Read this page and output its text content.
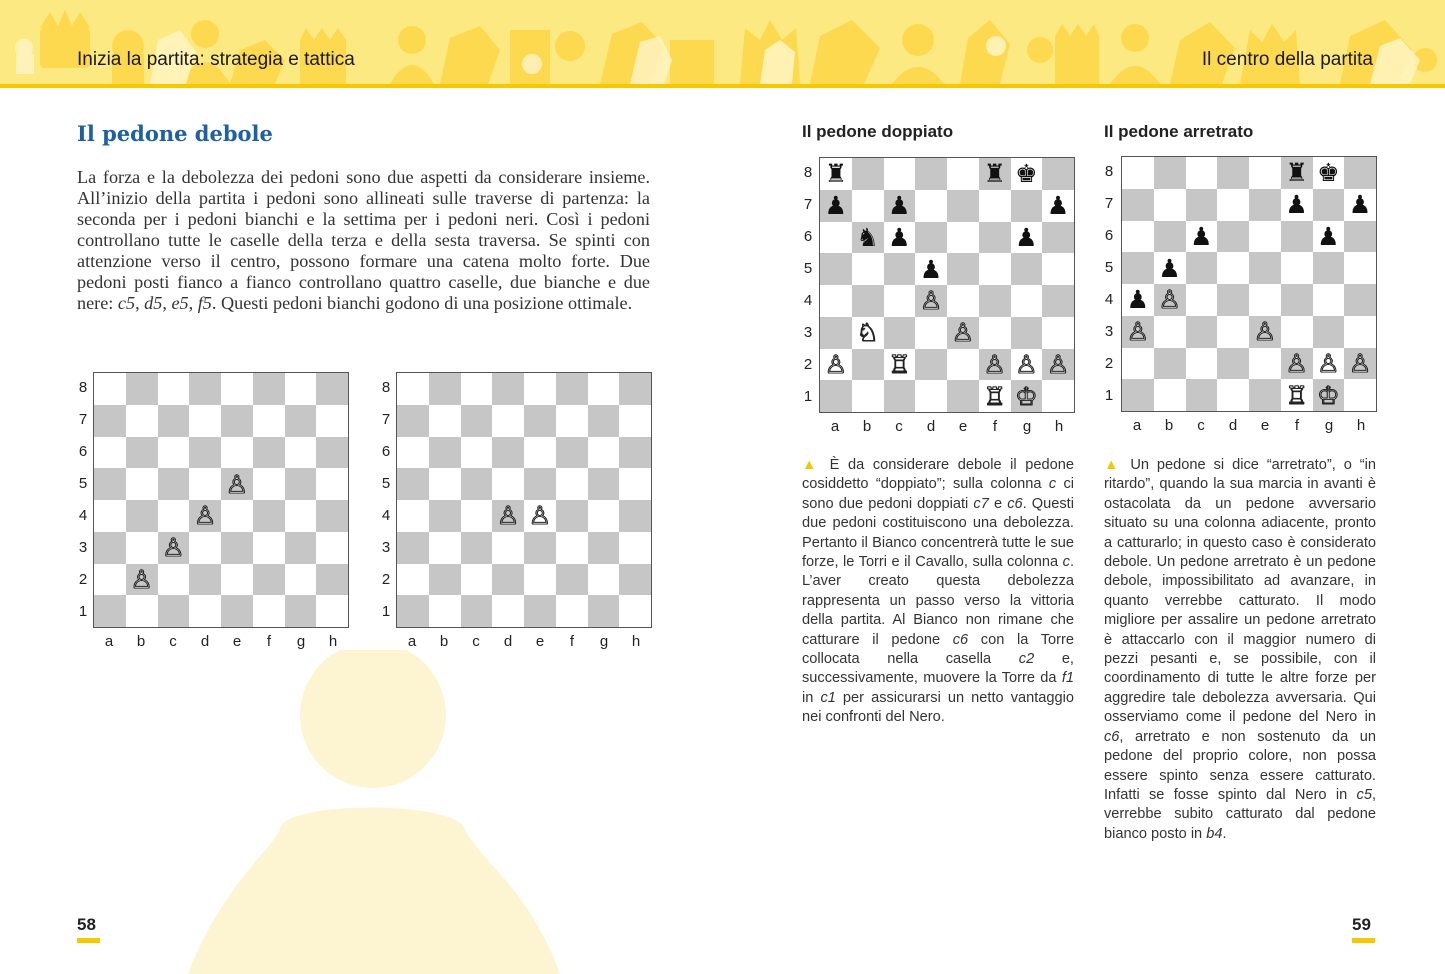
Inizia la partita: strategia e tattica	Il centro della partita
Il pedone debole
La forza e la debolezza dei pedoni sono due aspetti da considerare insieme. All’inizio della partita i pedoni sono allineati sulle traverse di partenza: la seconda per i pedoni bianchi e la settima per i pedoni neri. Così i pedoni controllano tutte le caselle della terza e della sesta traversa. Se spinti con attenzione verso il centro, possono formare una catena molto forte. Due pedoni posti fianco a fianco controllano quattro caselle, due bianche e due nere: c5, d5, e5, f5. Questi pedoni bianchi godono di una posizione ottimale.
♙
♙
♙
♙
8
7
6
5
4
3
2
1
a	b	c	d	e	f	g	h
♙ ♙
8
7
6
5
4
3
2
1
a	b	c	d	e	f	g	h
Il pedone doppiato	Il pedone arretrato
♜	♜ ♚
♟ ♟	♟
♞ ♟	♟
♟
♙
♘	♙
♙ ♖	♙ ♙ ♙
♖ ♔
8
7
6
5
4
3
2
1
a	b	c	d	e	f	g	h
♜ ♚
♟ ♟
♟	♟
♟
♟ ♙
♙	♙
♙ ♙ ♙
♖ ♔
8
7
6
5
4
3
2
1
a	b	c	d	e	f	g	h
▲ È da considerare debole il pedone cosiddetto “doppiato”; sulla colonna c ci sono due pedoni doppiati c7 e c6. Questi due pedoni costituiscono una debolezza. Pertanto il Bianco concentrerà tutte le sue forze, le Torri e il Cavallo, sulla colonna c. L’aver creato questa debolezza rappresenta un passo verso la vittoria della partita. Al Bianco non rimane che catturare il pedone c6 con la Torre collocata nella casella c2 e, successivamente, muovere la Torre da f1 in c1 per assicurarsi un netto vantaggio nei confronti del Nero.
▲ Un pedone si dice “arretrato”, o “in ritardo”, quando la sua marcia in avanti è ostacolata da un pedone avversario situato su una colonna adiacente, pronto a catturarlo; in questo caso è considerato debole. Un pedone arretrato è un pedone debole, impossibilitato ad avanzare, in quanto verrebbe catturato. Il modo migliore per assalire un pedone arretrato è attaccarlo con il maggior numero di pezzi pesanti e, se possibile, con il coordinamento di tutte le altre forze per aggredire tale debolezza avversaria. Qui osserviamo come il pedone del Nero in c6, arretrato e non sostenuto da un pedone del proprio colore, non possa essere spinto senza essere catturato. Infatti se fosse spinto dal Nero in c5, verrebbe subito catturato dal pedone bianco posto in b4.
58	59
